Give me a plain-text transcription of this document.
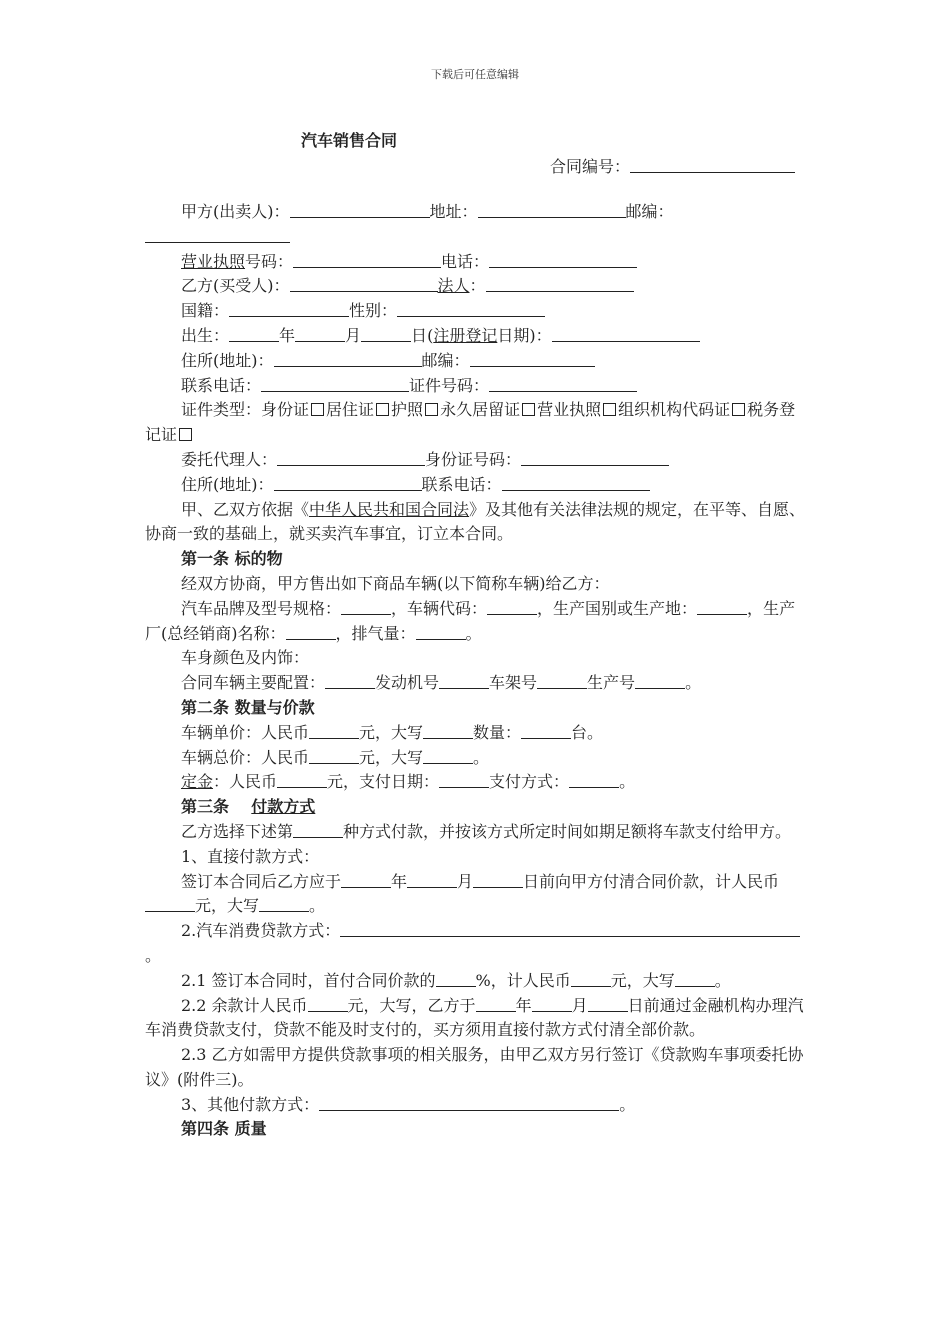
下载后可任意编辑
汽车销售合同
合同编号：

甲方(出卖人)：	地址：	邮编：

营业执照号码：	电话：

乙方(买受人)：	法人：

国籍：	性别：

出生：	年	月	日(注册登记日期)：

住所(地址)：	邮编：

联系电话：	证件号码：

证件类型：身份证 居住证 护照 永久居留证 营业执照 组织机构代码证 税务登记证

委托代理人：	身份证号码：

住所(地址)：	联系电话：

甲、乙双方依据《中华人民共和国合同法》及其他有关法律法规的规定，在平等、自愿、协商一致的基础上，就买卖汽车事宜，订立本合同。

第一条 标的物

经双方协商，甲方售出如下商品车辆(以下简称车辆)给乙方：

汽车品牌及型号规格：	，车辆代码：	，生产国别或生产地：	，生产厂(总经销商)名称：	，排气量：	。

车身颜色及内饰：

合同车辆主要配置：	发动机号	车架号	生产号	。

第二条 数量与价款

车辆单价：人民币	元，大写	数量：	台。

车辆总价：人民币	元，大写	。

定金：人民币	元，支付日期：	支付方式：	。

第三条 付款方式

乙方选择下述第	种方式付款，并按该方式所定时间如期足额将车款支付给甲方。

1、直接付款方式：

签订本合同后乙方应于	年	月	日前向甲方付清合同价款，计人民币元，大写	。

2.汽车消费贷款方式：。

2.1 签订本合同时，首付合同价款的	%，计人民币	元，大写	。

2.2 余款计人民币	元，大写，乙方于	年	月	日前通过金融机构办理汽车消费贷款支付，贷款不能及时支付的，买方须用直接付款方式付清全部价款。

2.3 乙方如需甲方提供贷款事项的相关服务，由甲乙双方另行签订《贷款购车事项委托协议》(附件三)。

3、其他付款方式：	。

第四条 质量
